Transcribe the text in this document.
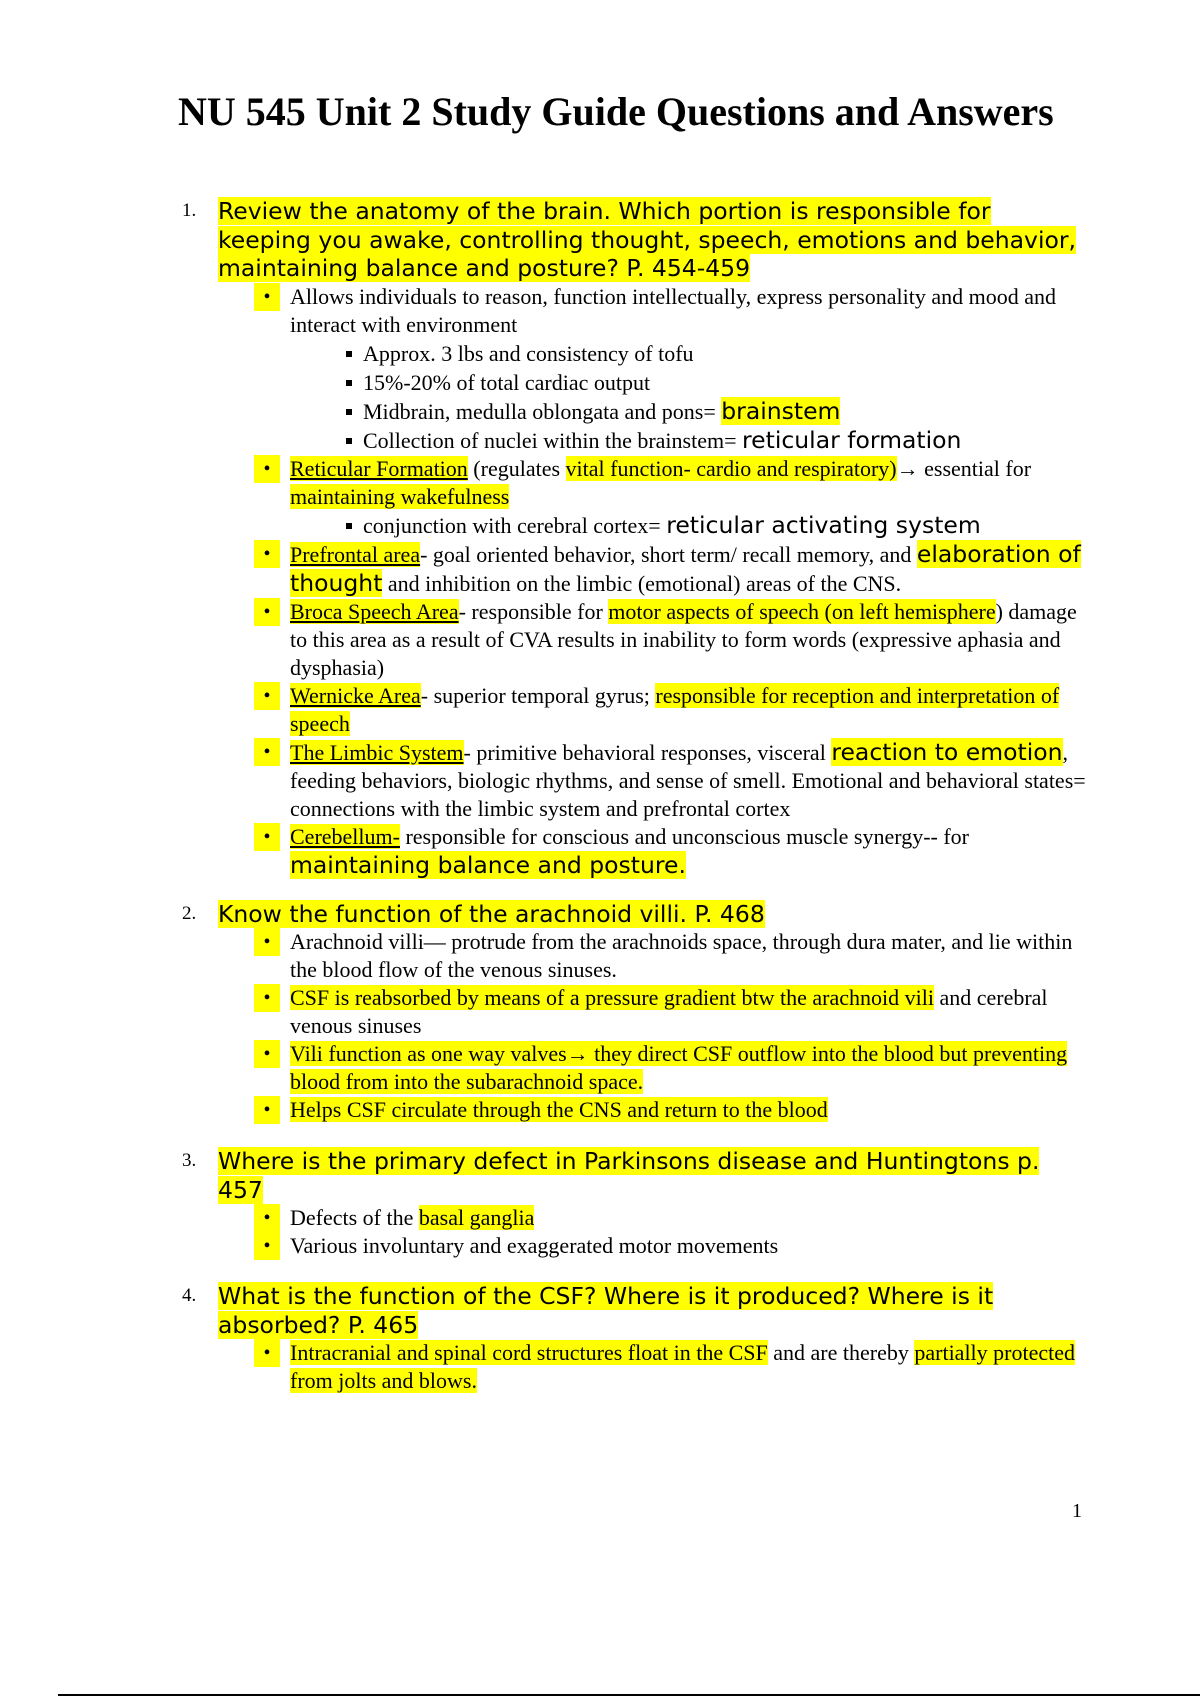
NU 545 Unit 2 Study Guide Questions and Answers
1. Review the anatomy of the brain. Which portion is responsible for keeping you awake, controlling thought, speech, emotions and behavior, maintaining balance and posture? P. 454-459

• Allows individuals to reason, function intellectually, express personality and mood and interact with environment
Approx. 3 lbs and consistency of tofu
15%-20% of total cardiac output
Midbrain, medulla oblongata and pons= brainstem
Collection of nuclei within the brainstem= reticular formation
• Reticular Formation (regulates vital function- cardio and respiratory)→ essential for maintaining wakefulness
conjunction with cerebral cortex= reticular activating system
• Prefrontal area- goal oriented behavior, short term/ recall memory, and elaboration of thought and inhibition on the limbic (emotional) areas of the CNS.
• Broca Speech Area- responsible for motor aspects of speech (on left hemisphere) damage to this area as a result of CVA results in inability to form words (expressive aphasia and dysphasia)
• Wernicke Area- superior temporal gyrus; responsible for reception and interpretation of speech
• The Limbic System- primitive behavioral responses, visceral reaction to emotion, feeding behaviors, biologic rhythms, and sense of smell. Emotional and behavioral states= connections with the limbic system and prefrontal cortex
• Cerebellum- responsible for conscious and unconscious muscle synergy-- for maintaining balance and posture.
2. Know the function of the arachnoid villi. P. 468

• Arachnoid villi— protrude from the arachnoids space, through dura mater, and lie within the blood flow of the venous sinuses.
• CSF is reabsorbed by means of a pressure gradient btw the arachnoid vili and cerebral venous sinuses
• Vili function as one way valves→ they direct CSF outflow into the blood but preventing blood from into the subarachnoid space.
• Helps CSF circulate through the CNS and return to the blood
3. Where is the primary defect in Parkinsons disease and Huntingtons p. 457

• Defects of the basal ganglia
• Various involuntary and exaggerated motor movements
4. What is the function of the CSF? Where is it produced? Where is it absorbed? P. 465

• Intracranial and spinal cord structures float in the CSF and are thereby partially protected from jolts and blows.

1
